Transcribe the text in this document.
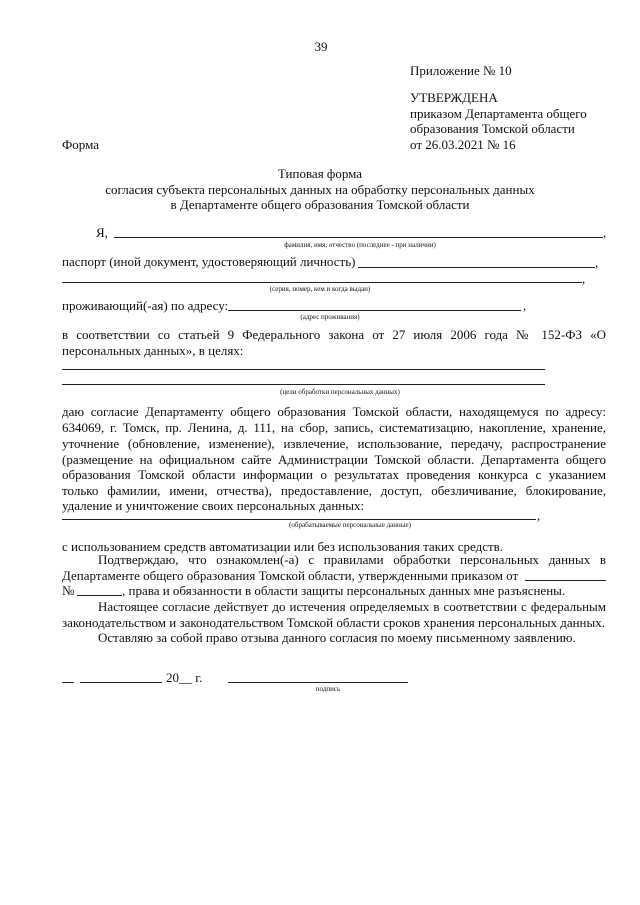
39
Приложение № 10
УТВЕРЖДЕНА
приказом Департамента общего
образования Томской области
от 26.03.2021 № 16
Форма
Типовая форма
согласия субъекта персональных данных на обработку персональных данных
в Департаменте общего образования Томской области
Я,	,
фамилия, имя, отчество (последнее - при наличии)
паспорт (иной документ, удостоверяющий личность)	,
,
(серия, номер, кем и когда выдан)
проживающий(-ая) по адресу:	,
(адрес проживания)
в соответствии со статьей 9 Федерального закона от 27 июля 2006 года № 152-ФЗ «О
персональных данных», в целях:
(цели обработки персональных данных)
даю согласие Департаменту общего образования Томской области, находящемуся по адресу:
634069, г. Томск, пр. Ленина, д. 111, на сбор, запись, систематизацию, накопление, хранение,
уточнение (обновление, изменение), извлечение, использование, передачу, распространение
(размещение на официальном сайте Администрации Томской области. Департамента общего
образования Томской области информации о результатах проведения конкурса с указанием
только фамилии, имени, отчества), предоставление, доступ, обезличивание, блокирование,
удаление и уничтожение своих персональных данных:
,
(обрабатываемые персональные данные)
с использованием средств автоматизации или без использования таких средств.
Подтверждаю, что ознакомлен(-а) с правилами обработки персональных данных в
Департаменте общего образования Томской области, утвержденными приказом от
№	, права и обязанности в области защиты персональных данных мне разъяснены.
Настоящее согласие действует до истечения определяемых в соответствии с федеральным
законодательством и законодательством Томской области сроков хранения персональных данных.
Оставляю за собой право отзыва данного согласия по моему письменному заявлению.
20__ г.
подпись
